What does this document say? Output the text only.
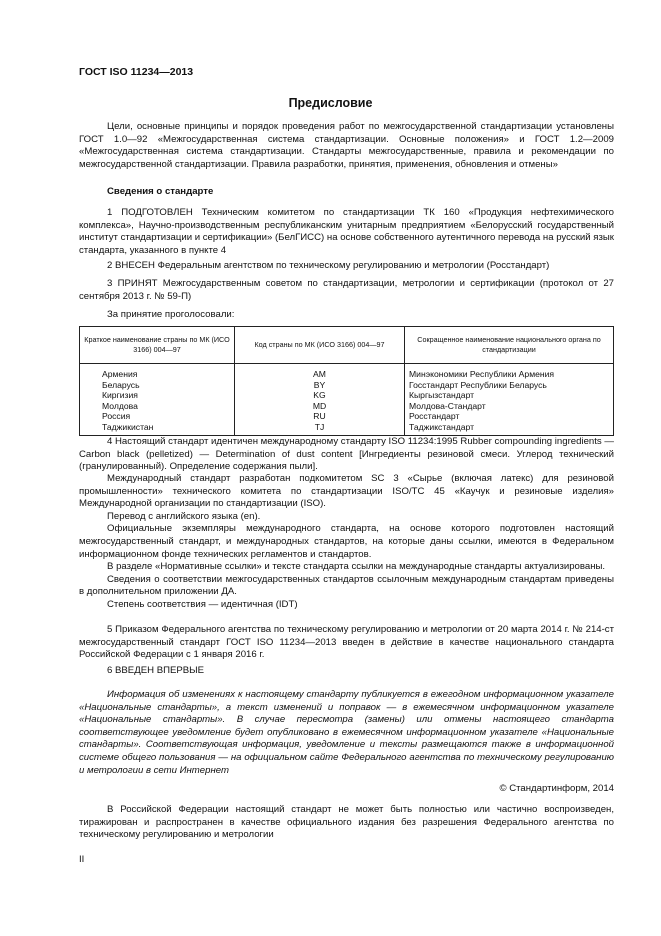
ГОСТ ISO 11234—2013
Предисловие

Цели, основные принципы и порядок проведения работ по межгосударственной стандартизации установлены ГОСТ 1.0—92 «Межгосударственная система стандартизации. Основные положения» и ГОСТ 1.2—2009 «Межгосударственная система стандартизации. Стандарты межгосударственные, правила и рекомендации по межгосударственной стандартизации. Правила разработки, принятия, применения, обновления и отмены»

Сведения о стандарте

1 ПОДГОТОВЛЕН Техническим комитетом по стандартизации ТК 160 «Продукция нефтехимического комплекса», Научно-производственным республиканским унитарным предприятием «Белорусский государственный институт стандартизации и сертификации» (БелГИСС) на основе собственного аутентичного перевода на русский язык стандарта, указанного в пункте 4

2 ВНЕСЕН Федеральным агентством по техническому регулированию и метрологии (Росстандарт)

3 ПРИНЯТ Межгосударственным советом по стандартизации, метрологии и сертификации (протокол от 27 сентября 2013 г. № 59-П)

За принятие проголосовали:

Краткое наименование страны по МК (ИСО 3166) 004—97	Код страны по МК (ИСО 3166) 004—97	Сокращенное наименование национального органа по стандартизации
Армения	AM	Минэкономики Республики Армения
Беларусь	BY	Госстандарт Республики Беларусь
Киргизия	KG	Кыргызстандарт
Молдова	MD	Молдова-Стандарт
Россия	RU	Росстандарт
Таджикистан	TJ	Таджикстандарт

4 Настоящий стандарт идентичен международному стандарту ISO 11234:1995 Rubber compounding ingredients — Carbon black (pelletized) — Determination of dust content [Ингредиенты резиновой смеси. Углерод технический (гранулированный). Определение содержания пыли].

Международный стандарт разработан подкомитетом SC 3 «Сырье (включая латекс) для резиновой промышленности» технического комитета по стандартизации ISO/TC 45 «Каучук и резиновые изделия» Международной организации по стандартизации (ISO).

Перевод с английского языка (en).

Официальные экземпляры международного стандарта, на основе которого подготовлен настоящий межгосударственный стандарт, и международных стандартов, на которые даны ссылки, имеются в Федеральном информационном фонде технических регламентов и стандартов.

В разделе «Нормативные ссылки» и тексте стандарта ссылки на международные стандарты актуализированы.

Сведения о соответствии межгосударственных стандартов ссылочным международным стандартам приведены в дополнительном приложении ДА.

Степень соответствия — идентичная (IDT)

5 Приказом Федерального агентства по техническому регулированию и метрологии от 20 марта 2014 г. № 214-ст межгосударственный стандарт ГОСТ ISO 11234—2013 введен в действие в качестве национального стандарта Российской Федерации с 1 января 2016 г.

6 ВВЕДЕН ВПЕРВЫЕ

Информация об изменениях к настоящему стандарту публикуется в ежегодном информационном указателе «Национальные стандарты», а текст изменений и поправок — в ежемесячном информационном указателе «Национальные стандарты». В случае пересмотра (замены) или отмены настоящего стандарта соответствующее уведомление будет опубликовано в ежемесячном информационном указателе «Национальные стандарты». Соответствующая информация, уведомление и тексты размещаются также в информационной системе общего пользования — на официальном сайте Федерального агентства по техническому регулированию и метрологии в сети Интернет

© Стандартинформ, 2014

В Российской Федерации настоящий стандарт не может быть полностью или частично воспроизведен, тиражирован и распространен в качестве официального издания без разрешения Федерального агентства по техническому регулированию и метрологии

II
